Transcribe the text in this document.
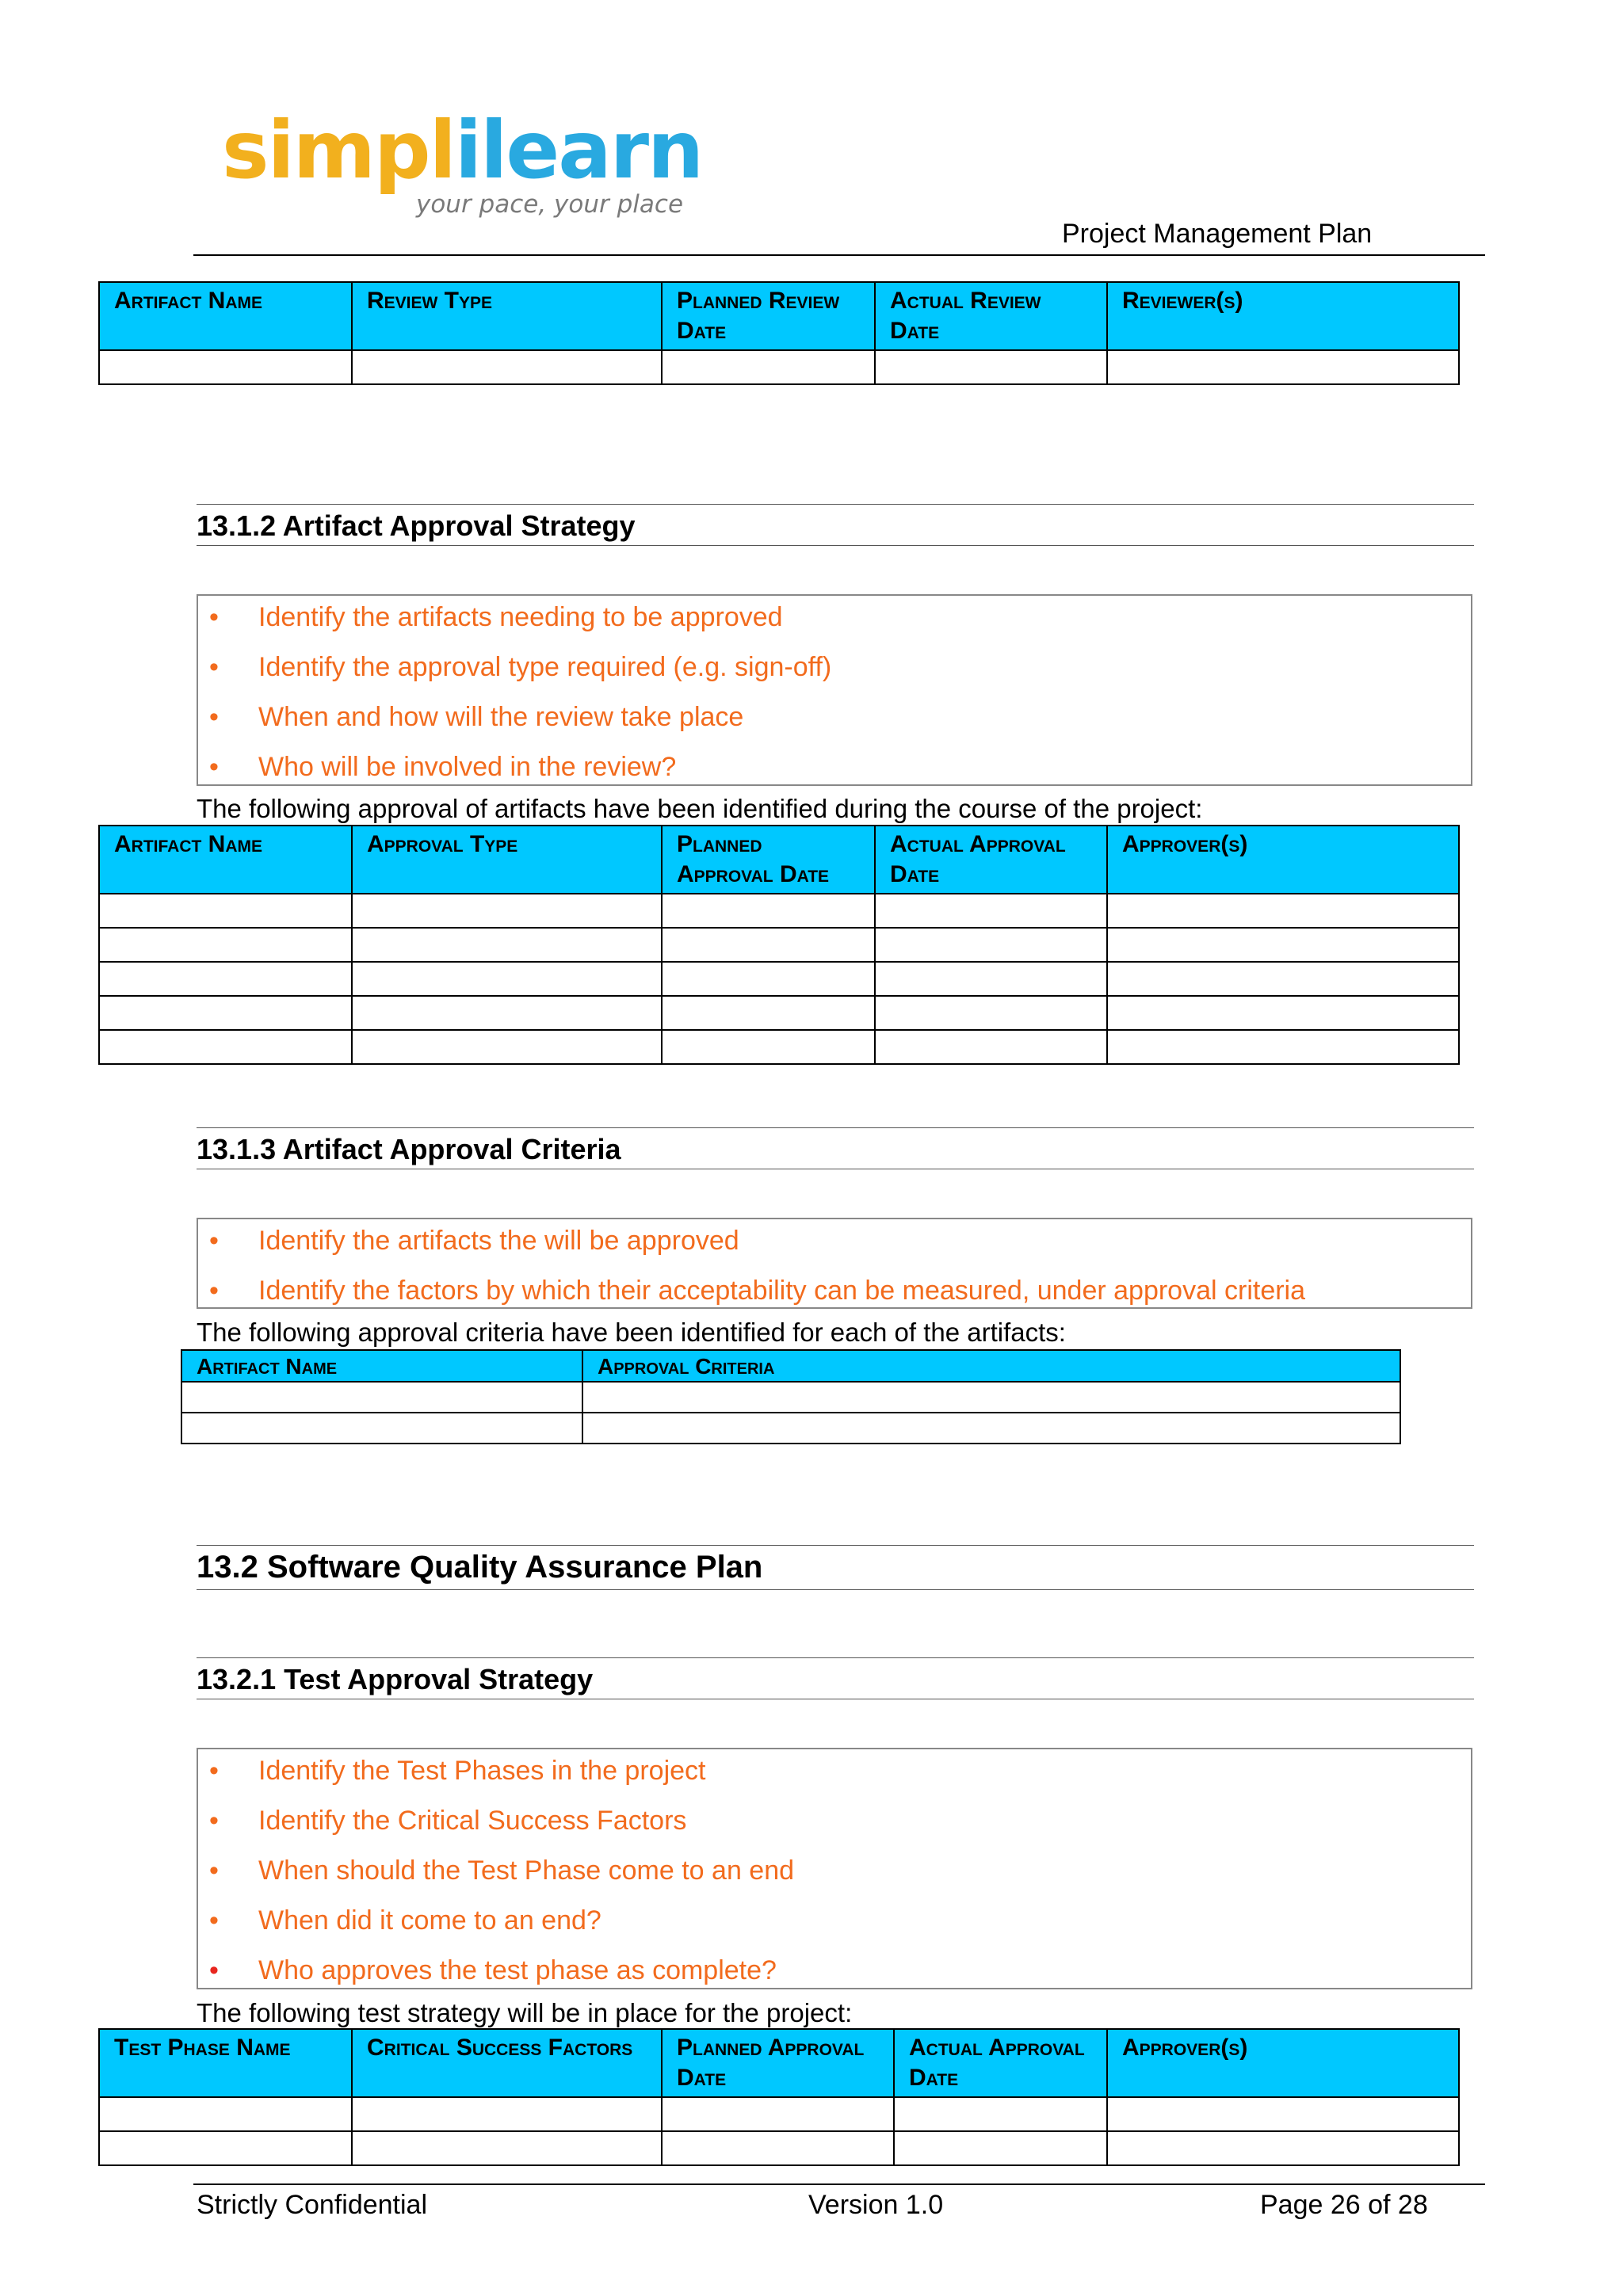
simplilearn
your pace, your place
Project Management Plan
Artifact Name	Review Type	Planned Review Date	Actual Review Date	Reviewer(s)

13.1.2 Artifact Approval Strategy
• Identify the artifacts needing to be approved
• Identify the approval type required (e.g. sign-off)
• When and how will the review take place
• Who will be involved in the review?
The following approval of artifacts have been identified during the course of the project:
Artifact Name	Approval Type	Planned Approval Date	Actual Approval Date	Approver(s)

13.1.3 Artifact Approval Criteria
• Identify the artifacts the will be approved
• Identify the factors by which their acceptability can be measured, under approval criteria
The following approval criteria have been identified for each of the artifacts:
Artifact Name	Approval Criteria

13.2 Software Quality Assurance Plan
13.2.1 Test Approval Strategy
• Identify the Test Phases in the project
• Identify the Critical Success Factors
• When should the Test Phase come to an end
• When did it come to an end?
• Who approves the test phase as complete?
The following test strategy will be in place for the project:
Test Phase Name	Critical Success Factors	Planned Approval Date	Actual Approval Date	Approver(s)

Strictly Confidential	Version 1.0	Page 26 of 28
